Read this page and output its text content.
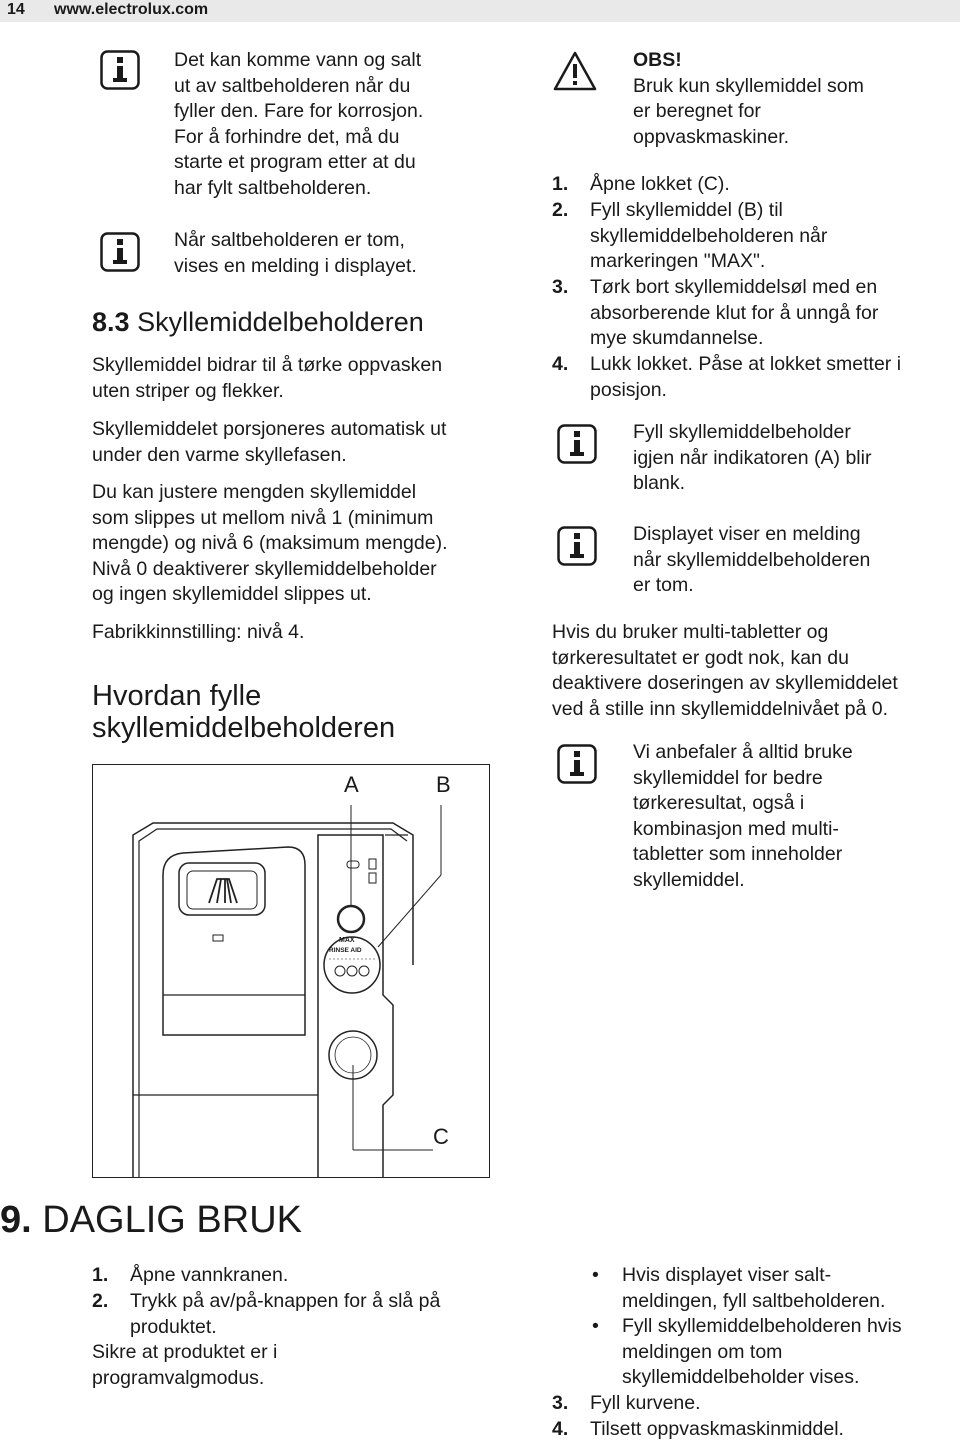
14 www.electrolux.com
Det kan komme vann og salt
ut av saltbeholderen når du
fyller den. Fare for korrosjon.
For å forhindre det, må du
starte et program etter at du
har fylt saltbeholderen.
Når saltbeholderen er tom,
vises en melding i displayet.
8.3 Skyllemiddelbeholderen
Skyllemiddel bidrar til å tørke oppvasken
uten striper og flekker.
Skyllemiddelet porsjoneres automatisk ut
under den varme skyllefasen.
Du kan justere mengden skyllemiddel
som slippes ut mellom nivå 1 (minimum
mengde) og nivå 6 (maksimum mengde).
Nivå 0 deaktiverer skyllemiddelbeholder
og ingen skyllemiddel slippes ut.
Fabrikkinnstilling: nivå 4.
Hvordan fylle
skyllemiddelbeholderen
MAX
RINSE AID
A	B
C
OBS!
Bruk kun skyllemiddel som
er beregnet for
oppvaskmaskiner.
1. Åpne lokket (C).
2. Fyll skyllemiddel (B) til
skyllemiddelbeholderen når
markeringen "MAX".
3. Tørk bort skyllemiddelsøl med en
absorberende klut for å unngå for
mye skumdannelse.
4. Lukk lokket. Påse at lokket smetter i
posisjon.
Fyll skyllemiddelbeholder
igjen når indikatoren (A) blir
blank.
Displayet viser en melding
når skyllemiddelbeholderen
er tom.
Hvis du bruker multi-tabletter og
tørkeresultatet er godt nok, kan du
deaktivere doseringen av skyllemiddelet
ved å stille inn skyllemiddelnivået på 0.
Vi anbefaler å alltid bruke
skyllemiddel for bedre
tørkeresultat, også i
kombinasjon med multi-
tabletter som inneholder
skyllemiddel.
9. DAGLIG BRUK
1. Åpne vannkranen.
2. Trykk på av/på-knappen for å slå på
produktet.
Sikre at produktet er i
programvalgmodus.
• Hvis displayet viser salt-
meldingen, fyll saltbeholderen.
• Fyll skyllemiddelbeholderen hvis
meldingen om tom
skyllemiddelbeholder vises.
3. Fyll kurvene.
4. Tilsett oppvaskmaskinmiddel.
